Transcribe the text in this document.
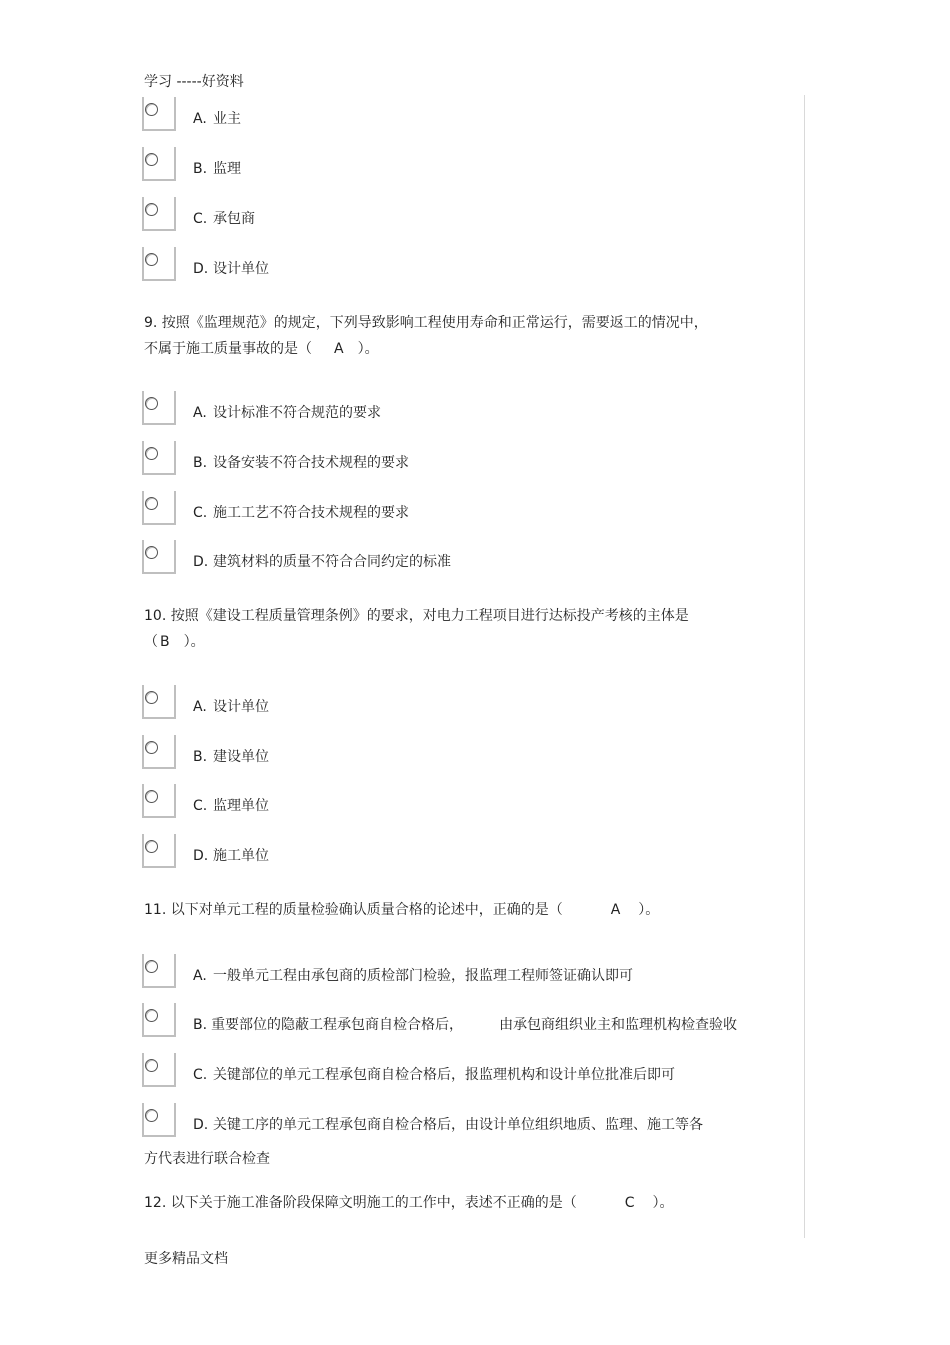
学习 -----好资料
A. 业主
B. 监理
C. 承包商
D. 设计单位
9. 按照《监理规范》的规定，下列导致影响工程使用寿命和正常运行，需要返工的情况中，
不属于施工质量事故的是（ A ）。
A. 设计标准不符合规范的要求
B. 设备安装不符合技术规程的要求
C. 施工工艺不符合技术规程的要求
D. 建筑材料的质量不符合合同约定的标准
10. 按照《建设工程质量管理条例》的要求，对电力工程项目进行达标投产考核的主体是
（ B ）。
A. 设计单位
B. 建设单位
C. 监理单位
D. 施工单位
11. 以下对单元工程的质量检验确认质量合格的论述中，正确的是（	A ）。
A. 一般单元工程由承包商的质检部门检验，报监理工程师签证确认即可
B. 重要部位的隐蔽工程承包商自检合格后，	由承包商组织业主和监理机构检查验收
C. 关键部位的单元工程承包商自检合格后，报监理机构和设计单位批准后即可
D. 关键工序的单元工程承包商自检合格后，由设计单位组织地质、监理、施工等各
方代表进行联合检查
12. 以下关于施工准备阶段保障文明施工的工作中，表述不正确的是（	C ）。
更多精品文档
